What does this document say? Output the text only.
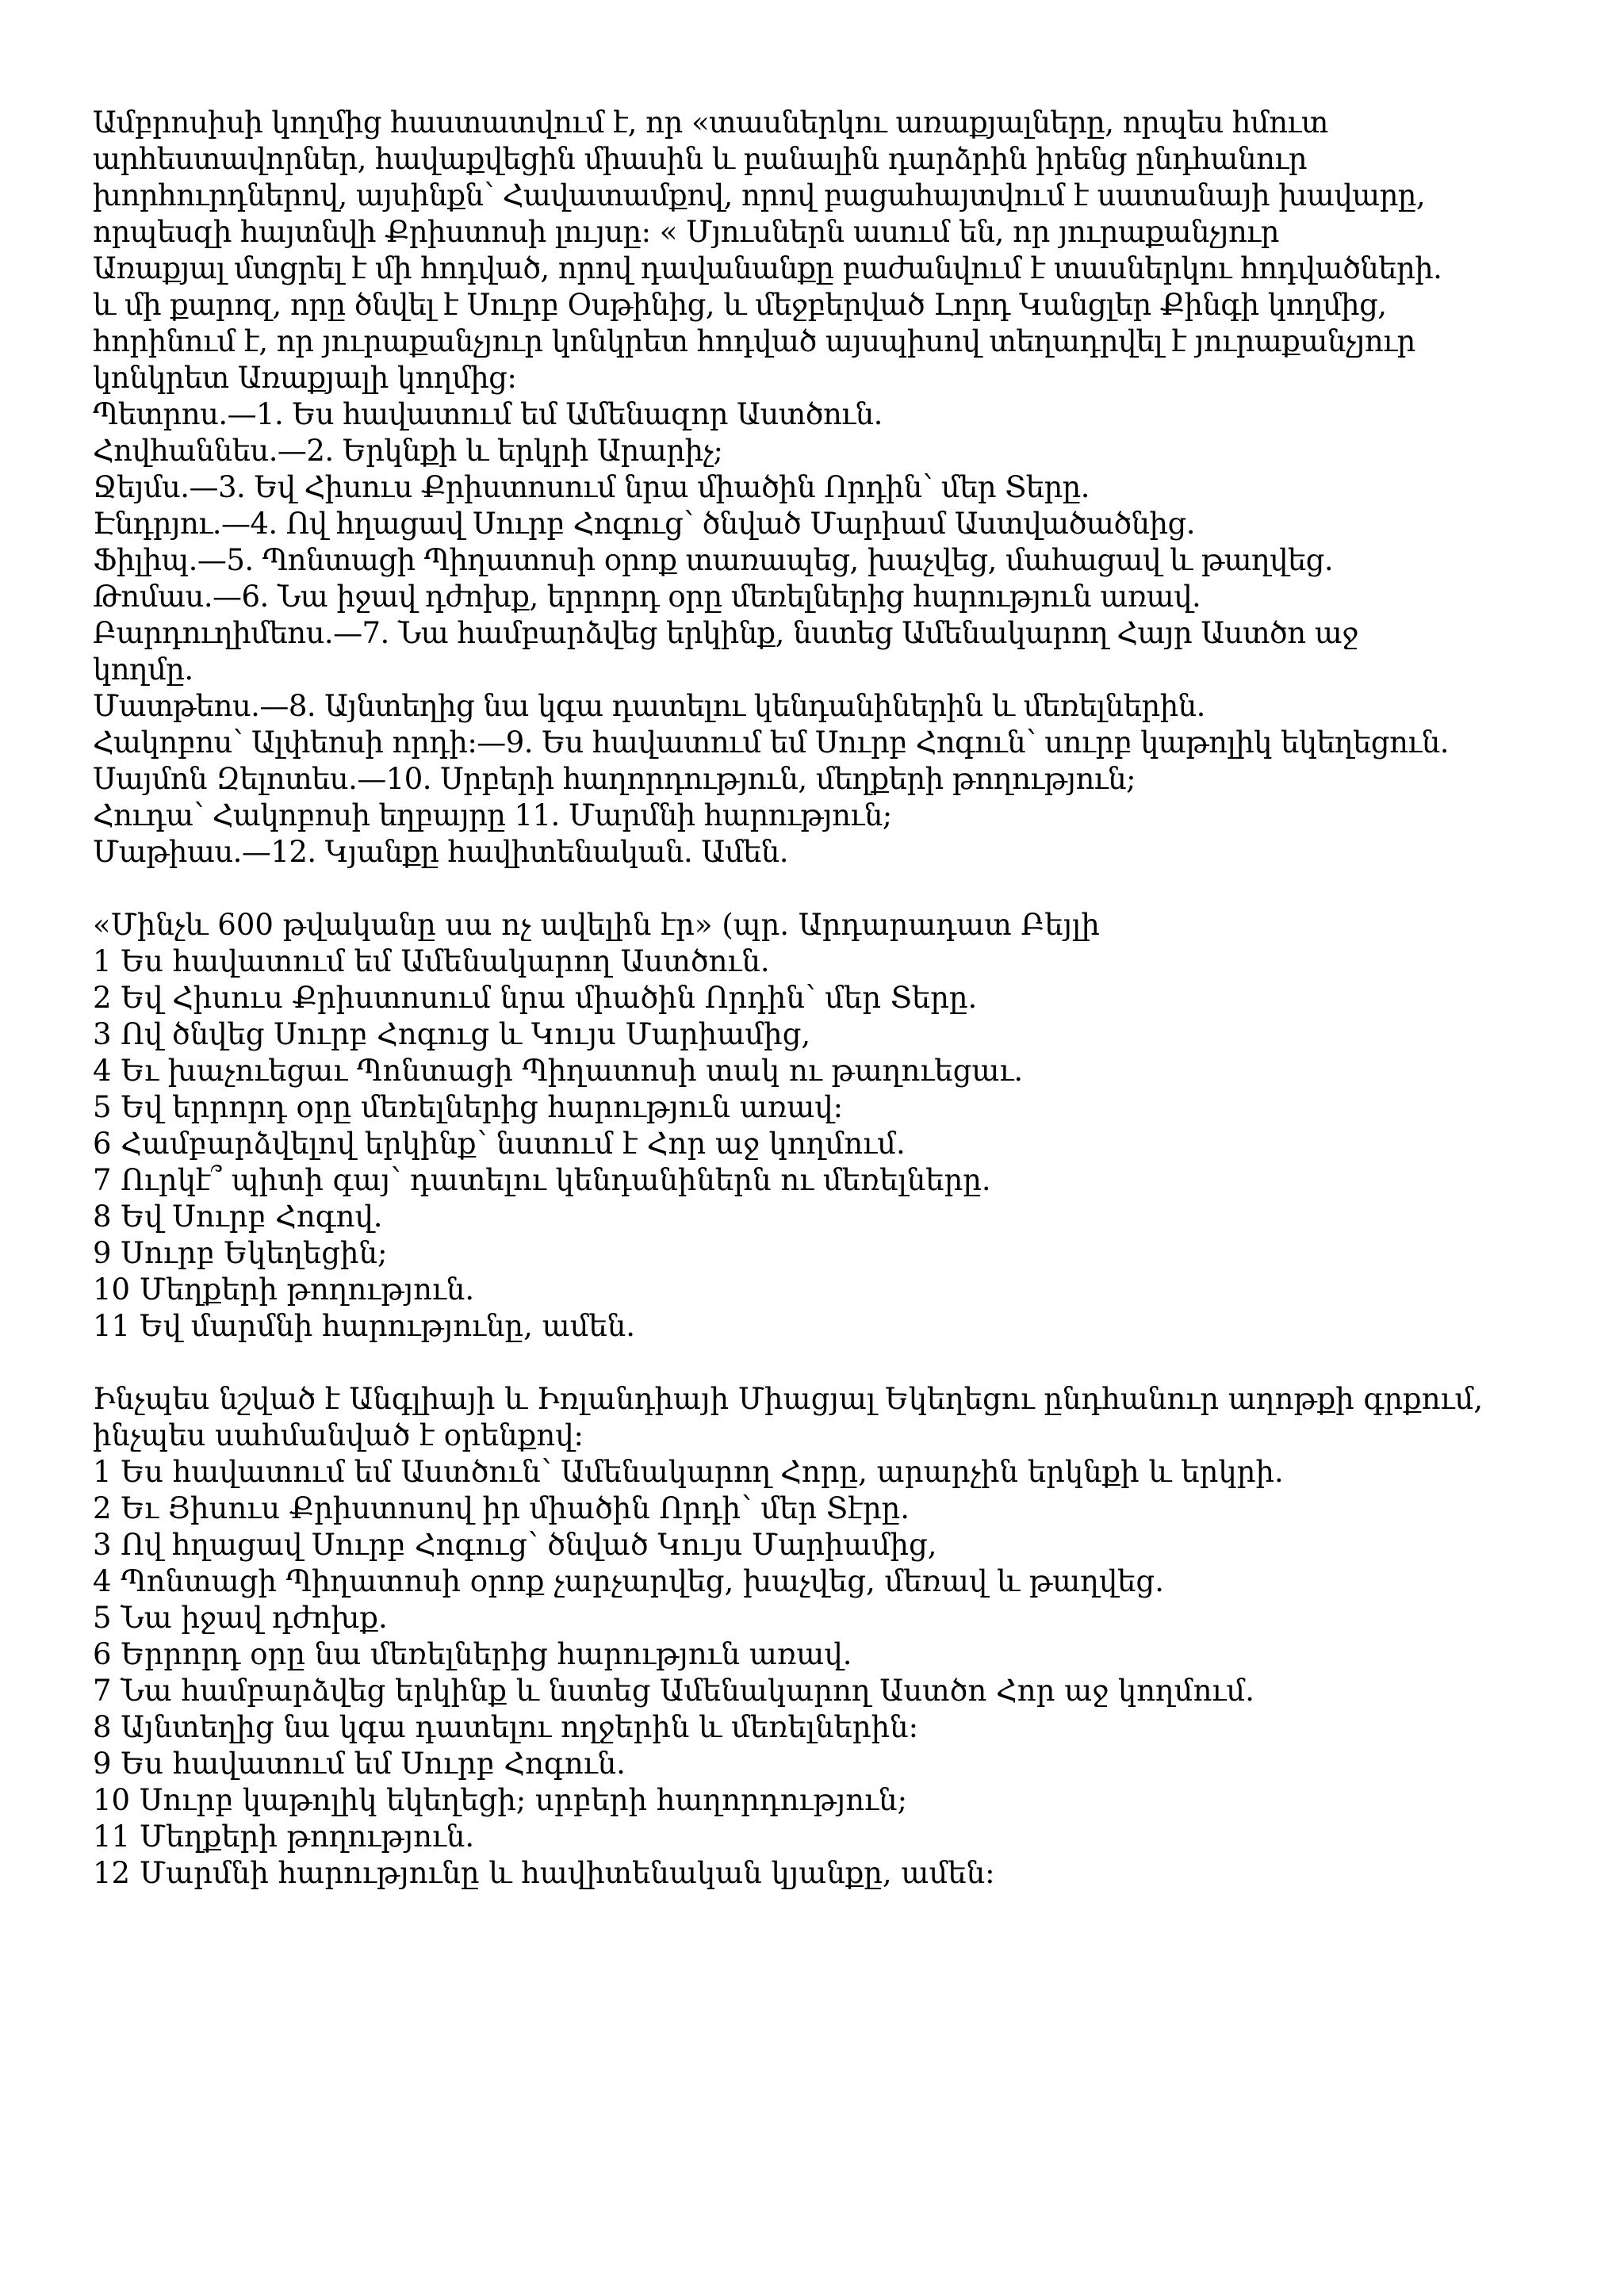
Ամբրոսիսի կողմից հաստատվում է, որ «տասներկու առաքյալները, որպես հմուտ
արհեստավորներ, հավաքվեցին միասին և բանալին դարձրին իրենց ընդհանուր
խորհուրդներով, այսինքն՝ Հավատամքով, որով բացահայտվում է սատանայի խավարը,
որպեսզի հայտնվի Քրիստոսի լույսը: « Մյուսներն ասում են, որ յուրաքանչյուր
Առաքյալ մտցրել է մի հոդված, որով դավանանքը բաժանվում է տասներկու հոդվածների.
և մի քարոզ, որը ծնվել է Սուրբ Օսթինից, և մեջբերված Լորդ Կանցլեր Քինգի կողմից,
հորինում է, որ յուրաքանչյուր կոնկրետ հոդված այսպիսով տեղադրվել է յուրաքանչյուր
կոնկրետ Առաքյալի կողմից:
Պետրոս.—1. Ես հավատում եմ Ամենազոր Աստծուն.
Հովհաննես.—2. Երկնքի և երկրի Արարիչ;
Ջեյմս.—3. Եվ Հիսուս Քրիստոսում նրա միածին Որդին՝ մեր Տերը.
Էնդրյու.—4. Ով հղացավ Սուրբ Հոգուց՝ ծնված Մարիամ Աստվածածնից.
Ֆիլիպ.—5. Պոնտացի Պիղատոսի օրոք տառապեց, խաչվեց, մահացավ և թաղվեց.
Թոմաս.—6. Նա իջավ դժոխք, երրորդ օրը մեռելներից հարություն առավ.
Բարդուղիմեոս.—7. Նա համբարձվեց երկինք, նստեց Ամենակարող Հայր Աստծո աջ
կողմը.
Մատթեոս.—8. Այնտեղից նա կգա դատելու կենդանիներին և մեռելներին.
Հակոբոս՝ Ալփեոսի որդի:—9. Ես հավատում եմ Սուրբ Հոգուն՝ սուրբ կաթոլիկ եկեղեցուն.
Սայմոն Զելոտես.—10. Սրբերի հաղորդություն, մեղքերի թողություն;
Հուդա՝ Հակոբոսի եղբայրը 11. Մարմնի հարություն;
Մաթիաս.—12. Կյանքը հավիտենական. Ամեն.
«Մինչև 600 թվականը սա ոչ ավելին էր» (պր. Արդարադատ Բեյլի
1 Ես հավատում եմ Ամենակարող Աստծուն.
2 Եվ Հիսուս Քրիստոսում նրա միածին Որդին՝ մեր Տերը.
3 Ով ծնվեց Սուրբ Հոգուց և Կույս Մարիամից,
4 Եւ խաչուեցաւ Պոնտացի Պիղատոսի տակ ու թաղուեցաւ.
5 Եվ երրորդ օրը մեռելներից հարություն առավ:
6 Համբարձվելով երկինք՝ նստում է Հոր աջ կողմում.
7 Ուրկէ՞ պիտի գայ՝ դատելու կենդանիներն ու մեռելները.
8 Եվ Սուրբ Հոգով.
9 Սուրբ Եկեղեցին;
10 Մեղքերի թողություն.
11 Եվ մարմնի հարությունը, ամեն.
Ինչպես նշված է Անգլիայի և Իռլանդիայի Միացյալ Եկեղեցու ընդհանուր աղոթքի գրքում,
ինչպես սահմանված է օրենքով:
1 Ես հավատում եմ Աստծուն՝ Ամենակարող Հորը, արարչին երկնքի և երկրի.
2 Եւ Յիսուս Քրիստոսով իր միածին Որդի՝ մեր Տէրը.
3 Ով հղացավ Սուրբ Հոգուց՝ ծնված Կույս Մարիամից,
4 Պոնտացի Պիղատոսի օրոք չարչարվեց, խաչվեց, մեռավ և թաղվեց.
5 Նա իջավ դժոխք.
6 Երրորդ օրը նա մեռելներից հարություն առավ.
7 Նա համբարձվեց երկինք և նստեց Ամենակարող Աստծո Հոր աջ կողմում.
8 Այնտեղից նա կգա դատելու ողջերին և մեռելներին:
9 Ես հավատում եմ Սուրբ Հոգուն.
10 Սուրբ կաթոլիկ եկեղեցի; սրբերի հաղորդություն;
11 Մեղքերի թողություն.
12 Մարմնի հարությունը և հավիտենական կյանքը, ամեն:
